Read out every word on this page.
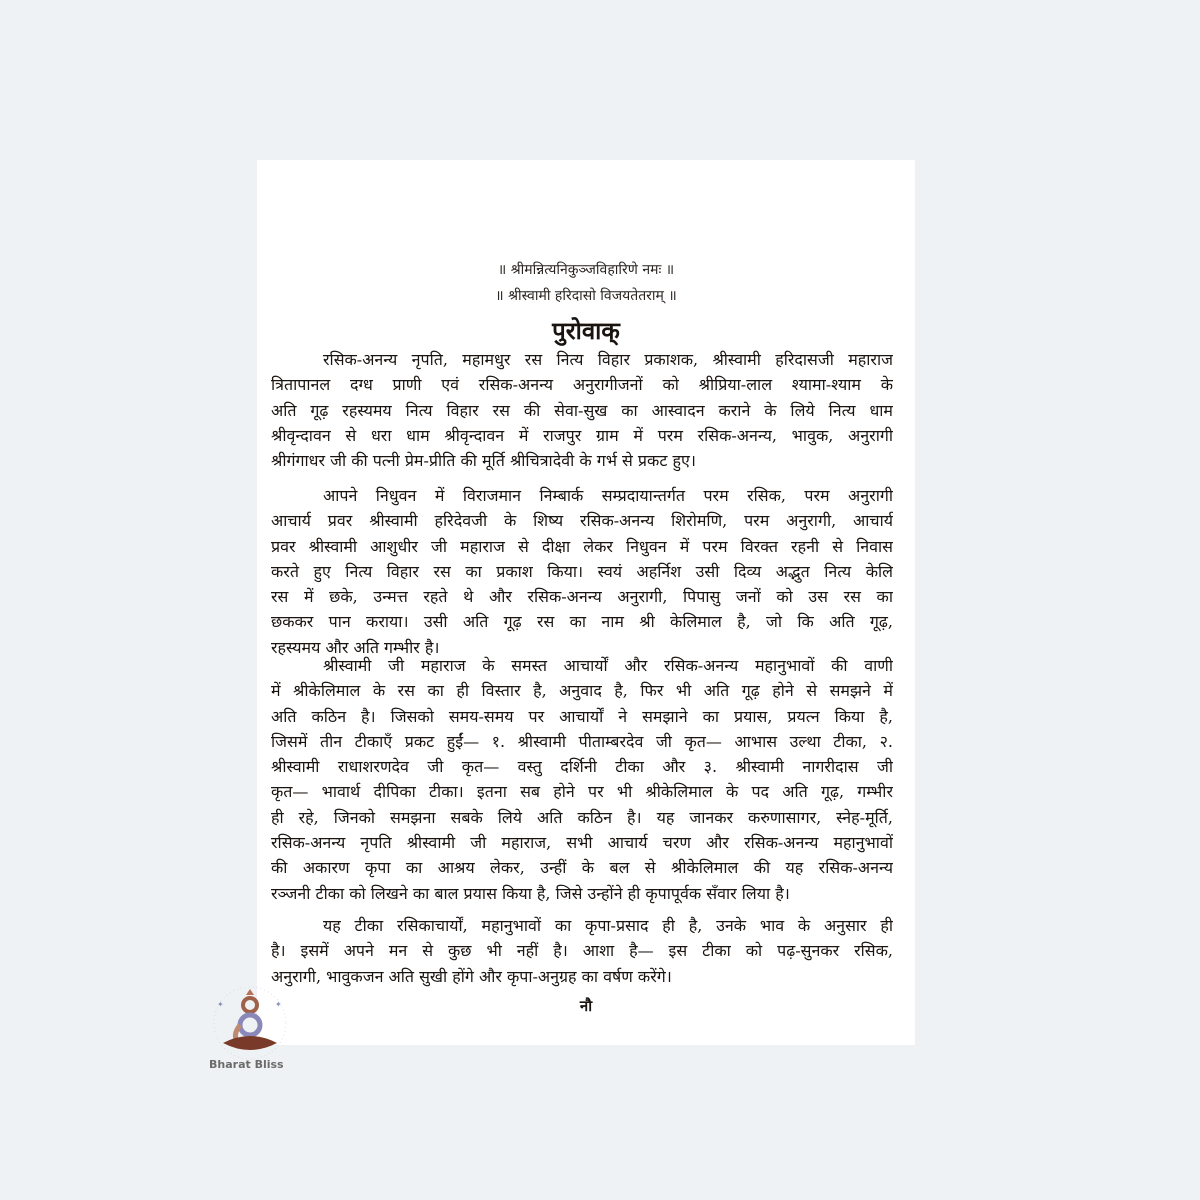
॥ श्रीमन्नित्यनिकुञ्जविहारिणे नमः ॥
॥ श्रीस्वामी हरिदासो विजयतेतराम् ॥
पुरोवाक्
रसिक-अनन्य नृपति, महामधुर रस नित्य विहार प्रकाशक, श्रीस्वामी हरिदासजी महाराज
त्रितापानल दग्ध प्राणी एवं रसिक-अनन्य अनुरागीजनों को श्रीप्रिया-लाल श्यामा-श्याम के
अति गूढ़ रहस्यमय नित्य विहार रस की सेवा-सुख का आस्वादन कराने के लिये नित्य धाम
श्रीवृन्दावन से धरा धाम श्रीवृन्दावन में राजपुर ग्राम में परम रसिक-अनन्य, भावुक, अनुरागी
श्रीगंगाधर जी की पत्नी प्रेम-प्रीति की मूर्ति श्रीचित्रादेवी के गर्भ से प्रकट हुए।
आपने निधुवन में विराजमान निम्बार्क सम्प्रदायान्तर्गत परम रसिक, परम अनुरागी
आचार्य प्रवर श्रीस्वामी हरिदेवजी के शिष्य रसिक-अनन्य शिरोमणि, परम अनुरागी, आचार्य
प्रवर श्रीस्वामी आशुधीर जी महाराज से दीक्षा लेकर निधुवन में परम विरक्त रहनी से निवास
करते हुए नित्य विहार रस का प्रकाश किया। स्वयं अहर्निश उसी दिव्य अद्भुत नित्य केलि
रस में छके, उन्मत्त रहते थे और रसिक-अनन्य अनुरागी, पिपासु जनों को उस रस का
छककर पान कराया। उसी अति गूढ़ रस का नाम श्री केलिमाल है, जो कि अति गूढ़,
रहस्यमय और अति गम्भीर है।
श्रीस्वामी जी महाराज के समस्त आचार्यों और रसिक-अनन्य महानुभावों की वाणी
में श्रीकेलिमाल के रस का ही विस्तार है, अनुवाद है, फिर भी अति गूढ़ होने से समझने में
अति कठिन है। जिसको समय-समय पर आचार्यों ने समझाने का प्रयास, प्रयत्न किया है,
जिसमें तीन टीकाएँ प्रकट हुईं— १. श्रीस्वामी पीताम्बरदेव जी कृत— आभास उल्था टीका, २.
श्रीस्वामी राधाशरणदेव जी कृत— वस्तु दर्शिनी टीका और ३. श्रीस्वामी नागरीदास जी
कृत— भावार्थ दीपिका टीका। इतना सब होने पर भी श्रीकेलिमाल के पद अति गूढ़, गम्भीर
ही रहे, जिनको समझना सबके लिये अति कठिन है। यह जानकर करुणासागर, स्नेह-मूर्ति,
रसिक-अनन्य नृपति श्रीस्वामी जी महाराज, सभी आचार्य चरण और रसिक-अनन्य महानुभावों
की अकारण कृपा का आश्रय लेकर, उन्हीं के बल से श्रीकेलिमाल की यह रसिक-अनन्य
रञ्जनी टीका को लिखने का बाल प्रयास किया है, जिसे उन्होंने ही कृपापूर्वक सँवार लिया है।
यह टीका रसिकाचार्यों, महानुभावों का कृपा-प्रसाद ही है, उनके भाव के अनुसार ही
है। इसमें अपने मन से कुछ भी नहीं है। आशा है— इस टीका को पढ़-सुनकर रसिक,
अनुरागी, भावुकजन अति सुखी होंगे और कृपा-अनुग्रह का वर्षण करेंगे।
नौ
✦	✦
Bharat Bliss
